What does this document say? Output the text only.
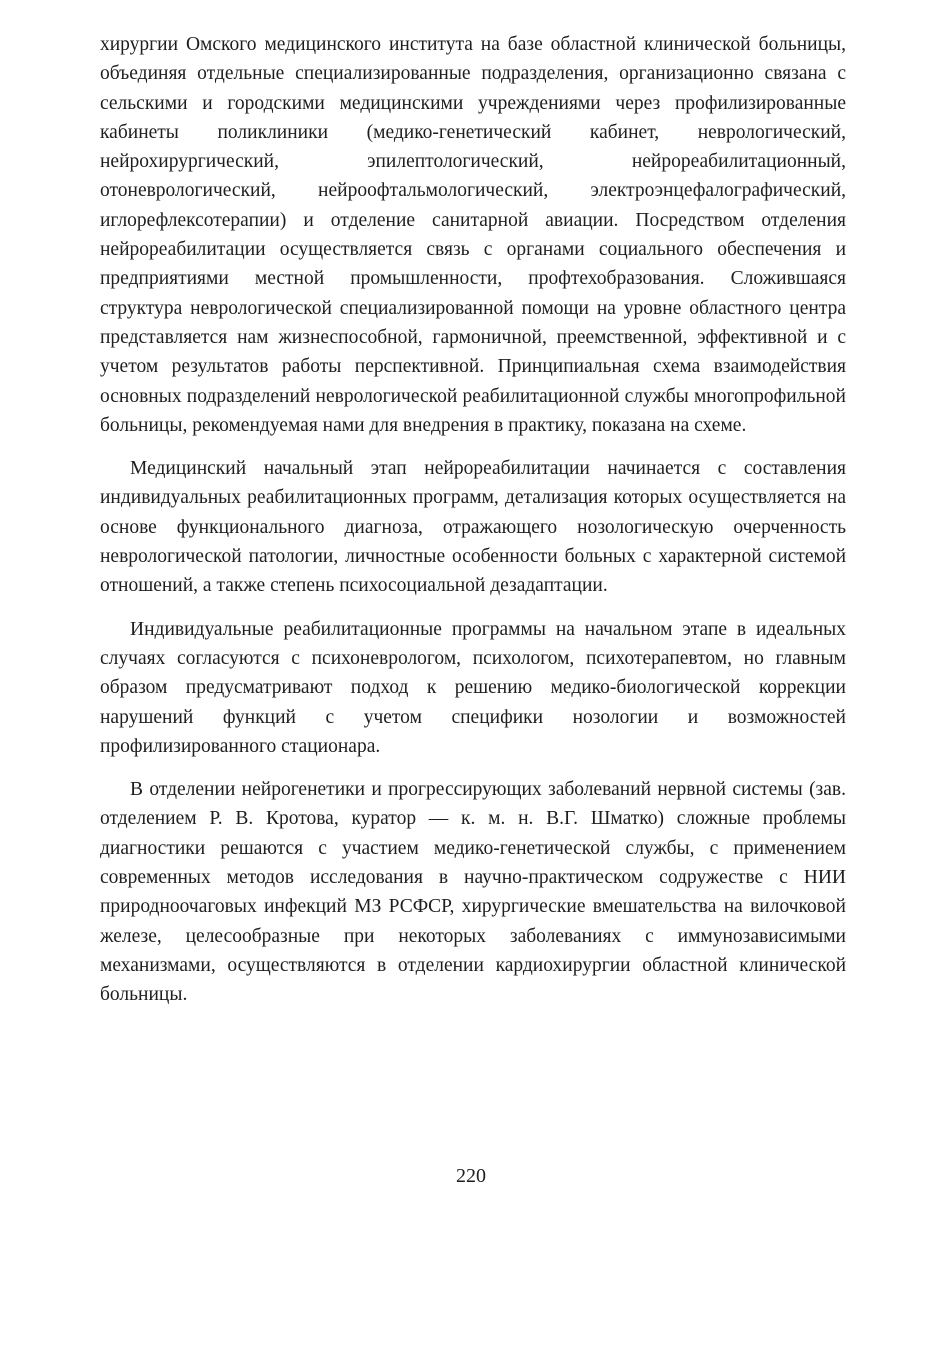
хирургии Омского медицинского института на базе областной клинической больницы, объединяя отдельные специализированные подразделения, организационно связана с сельскими и городскими медицинскими учреждениями через профилизированные кабинеты поликлиники (медико-генетический кабинет, неврологический, нейрохирургический, эпилептологический, нейрореабилитационный, отоневрологический, нейроофтальмологический, электроэнцефалографический, иглорефлексотерапии) и отделение санитарной авиации. Посредством отделения нейрореабилитации осуществляется связь с органами социального обеспечения и предприятиями местной промышленности, профтехобразования. Сложившаяся структура неврологической специализированной помощи на уровне областного центра представляется нам жизнеспособной, гармоничной, преемственной, эффективной и с учетом результатов работы перспективной. Принципиальная схема взаимодействия основных подразделений неврологической реабилитационной службы многопрофильной больницы, рекомендуемая нами для внедрения в практику, показана на схеме.

Медицинский начальный этап нейрореабилитации начинается с составления индивидуальных реабилитационных программ, детализация которых осуществляется на основе функционального диагноза, отражающего нозологическую очерченность неврологической патологии, личностные особенности больных с характерной системой отношений, а также степень психосоциальной дезадаптации.

Индивидуальные реабилитационные программы на начальном этапе в идеальных случаях согласуются с психоневрологом, психологом, психотерапевтом, но главным образом предусматривают подход к решению медико-биологической коррекции нарушений функций с учетом специфики нозологии и возможностей профилизированного стационара.

В отделении нейрогенетики и прогрессирующих заболеваний нервной системы (зав. отделением Р. В. Кротова, куратор — к. м. н. В.Г. Шматко) сложные проблемы диагностики решаются с участием медико-генетической службы, с применением современных методов исследования в научно-практическом содружестве с НИИ природноочаговых инфекций МЗ РСФСР, хирургические вмешательства на вилочковой железе, целесообразные при некоторых заболеваниях с иммунозависимыми механизмами, осуществляются в отделении кардиохирургии областной клинической больницы.

220
